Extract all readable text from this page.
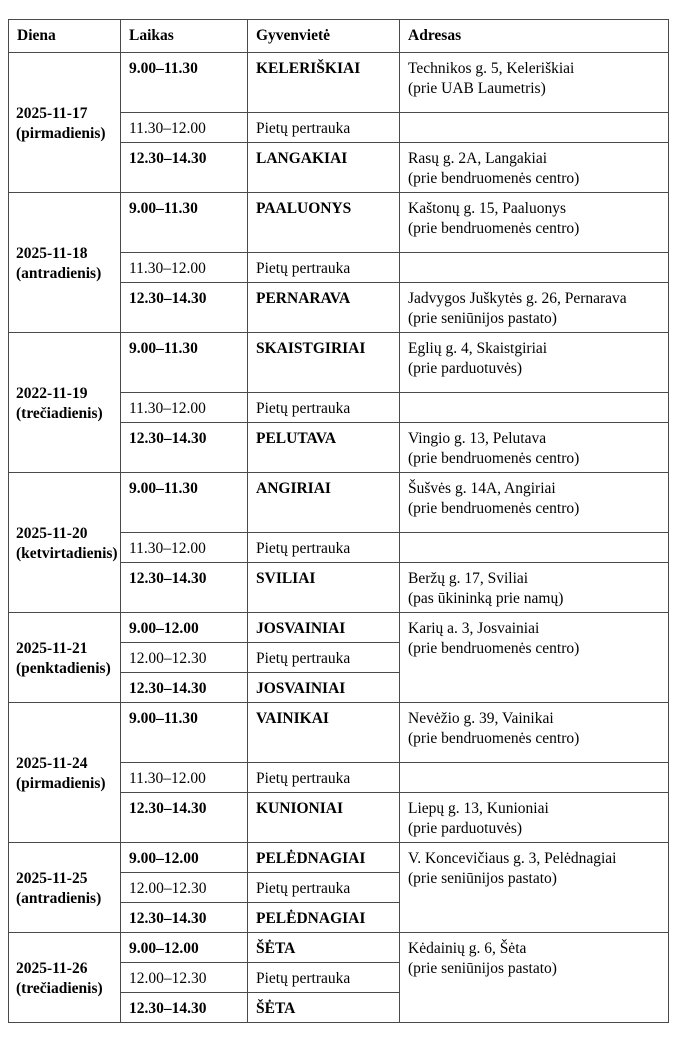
Diena	Laikas	Gyvenvietė	Adresas

2025-11-17
(pirmadienis)
	9.00–11.30	KELERIŠKIAI	Technikos g. 5, Keleriškiai
(prie UAB Laumetris)

	11.30–12.00	Pietų pertrauka	
	12.30–14.30	LANGAKIAI	Rasų g. 2A, Langakiai
(prie bendruomenės centro)

2025-11-18
(antradienis)
	9.00–11.30	PAALUONYS	Kaštonų g. 15, Paaluonys
(prie bendruomenės centro)

	11.30–12.00	Pietų pertrauka	
	12.30–14.30	PERNARAVA	Jadvygos Juškytės g. 26, Pernarava
(prie seniūnijos pastato)

2022-11-19
(trečiadienis)
	9.00–11.30	SKAISTGIRIAI	Eglių g. 4, Skaistgiriai
(prie parduotuvės)

	11.30–12.00	Pietų pertrauka	
	12.30–14.30	PELUTAVA	Vingio g. 13, Pelutava
(prie bendruomenės centro)

2025-11-20
(ketvirtadienis)
	9.00–11.30	ANGIRIAI	Šušvės g. 14A, Angiriai
(prie bendruomenės centro)

	11.30–12.00	Pietų pertrauka	
	12.30–14.30	SVILIAI	Beržų g. 17, Sviliai
(pas ūkininką prie namų)

2025-11-21
(penktadienis)
	9.00–12.00	JOSVAINIAI	Karių a. 3, Josvainiai
(prie bendruomenės centro)

	12.00–12.30	Pietų pertrauka	
	12.30–14.30	JOSVAINIAI	

2025-11-24
(pirmadienis)
	9.00–11.30	VAINIKAI	Nevėžio g. 39, Vainikai
(prie bendruomenės centro)

	11.30–12.00	Pietų pertrauka	
	12.30–14.30	KUNIONIAI	Liepų g. 13, Kunioniai
(prie parduotuvės)

2025-11-25
(antradienis)
	9.00–12.00	PELĖDNAGIAI	V. Koncevičiaus g. 3, Pelėdnagiai
(prie seniūnijos pastato)

	12.00–12.30	Pietų pertrauka	
	12.30–14.30	PELĖDNAGIAI	

2025-11-26
(trečiadienis)
	9.00–12.00	ŠĖTA	Kėdainių g. 6, Šėta
(prie seniūnijos pastato)

	12.00–12.30	Pietų pertrauka	
	12.30–14.30	ŠĖTA	
